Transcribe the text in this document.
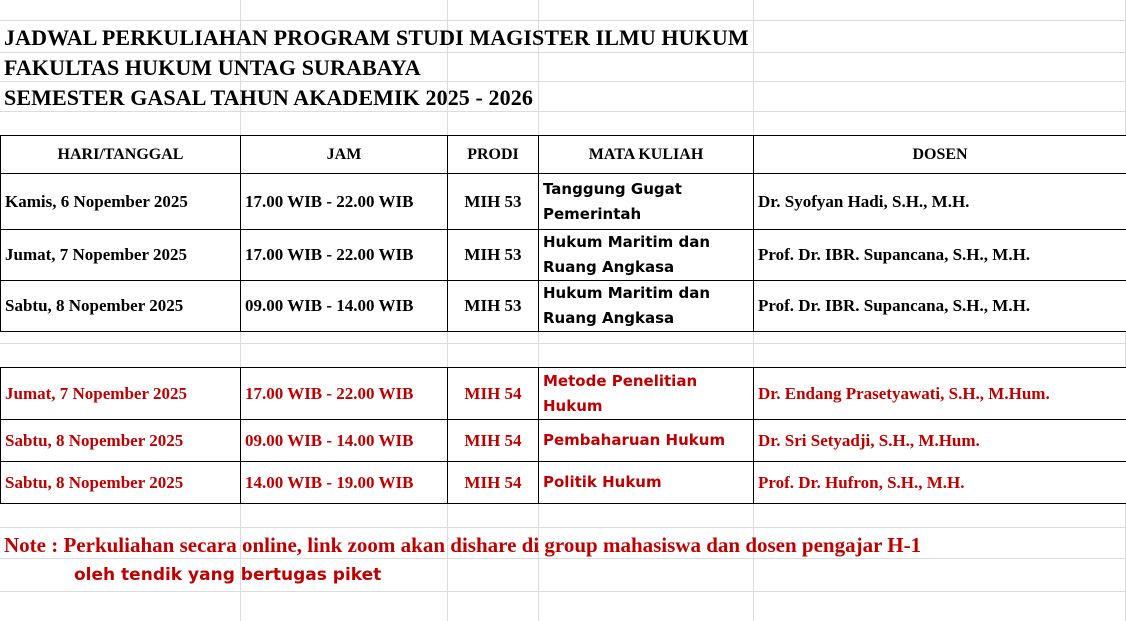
JADWAL PERKULIAHAN PROGRAM STUDI MAGISTER ILMU HUKUM
FAKULTAS HUKUM UNTAG SURABAYA
SEMESTER GASAL TAHUN AKADEMIK 2025 - 2026
HARI/TANGGAL	JAM	PRODI	MATA KULIAH	DOSEN
Kamis, 6 Nopember 2025	17.00 WIB - 22.00 WIB	MIH 53	Tanggung Gugat Pemerintah	Dr. Syofyan Hadi, S.H., M.H.
Jumat, 7 Nopember 2025	17.00 WIB - 22.00 WIB	MIH 53	Hukum Maritim dan Ruang Angkasa	Prof. Dr. IBR. Supancana, S.H., M.H.
Sabtu, 8 Nopember 2025	09.00 WIB - 14.00 WIB	MIH 53	Hukum Maritim dan Ruang Angkasa	Prof. Dr. IBR. Supancana, S.H., M.H.
Jumat, 7 Nopember 2025	17.00 WIB - 22.00 WIB	MIH 54	Metode Penelitian Hukum	Dr. Endang Prasetyawati, S.H., M.Hum.
Sabtu, 8 Nopember 2025	09.00 WIB - 14.00 WIB	MIH 54	Pembaharuan Hukum	Dr. Sri Setyadji, S.H., M.Hum.
Sabtu, 8 Nopember 2025	14.00 WIB - 19.00 WIB	MIH 54	Politik Hukum	Prof. Dr. Hufron, S.H., M.H.
Note : Perkuliahan secara online, link zoom akan dishare di group mahasiswa dan dosen pengajar H-1
oleh tendik yang bertugas piket
